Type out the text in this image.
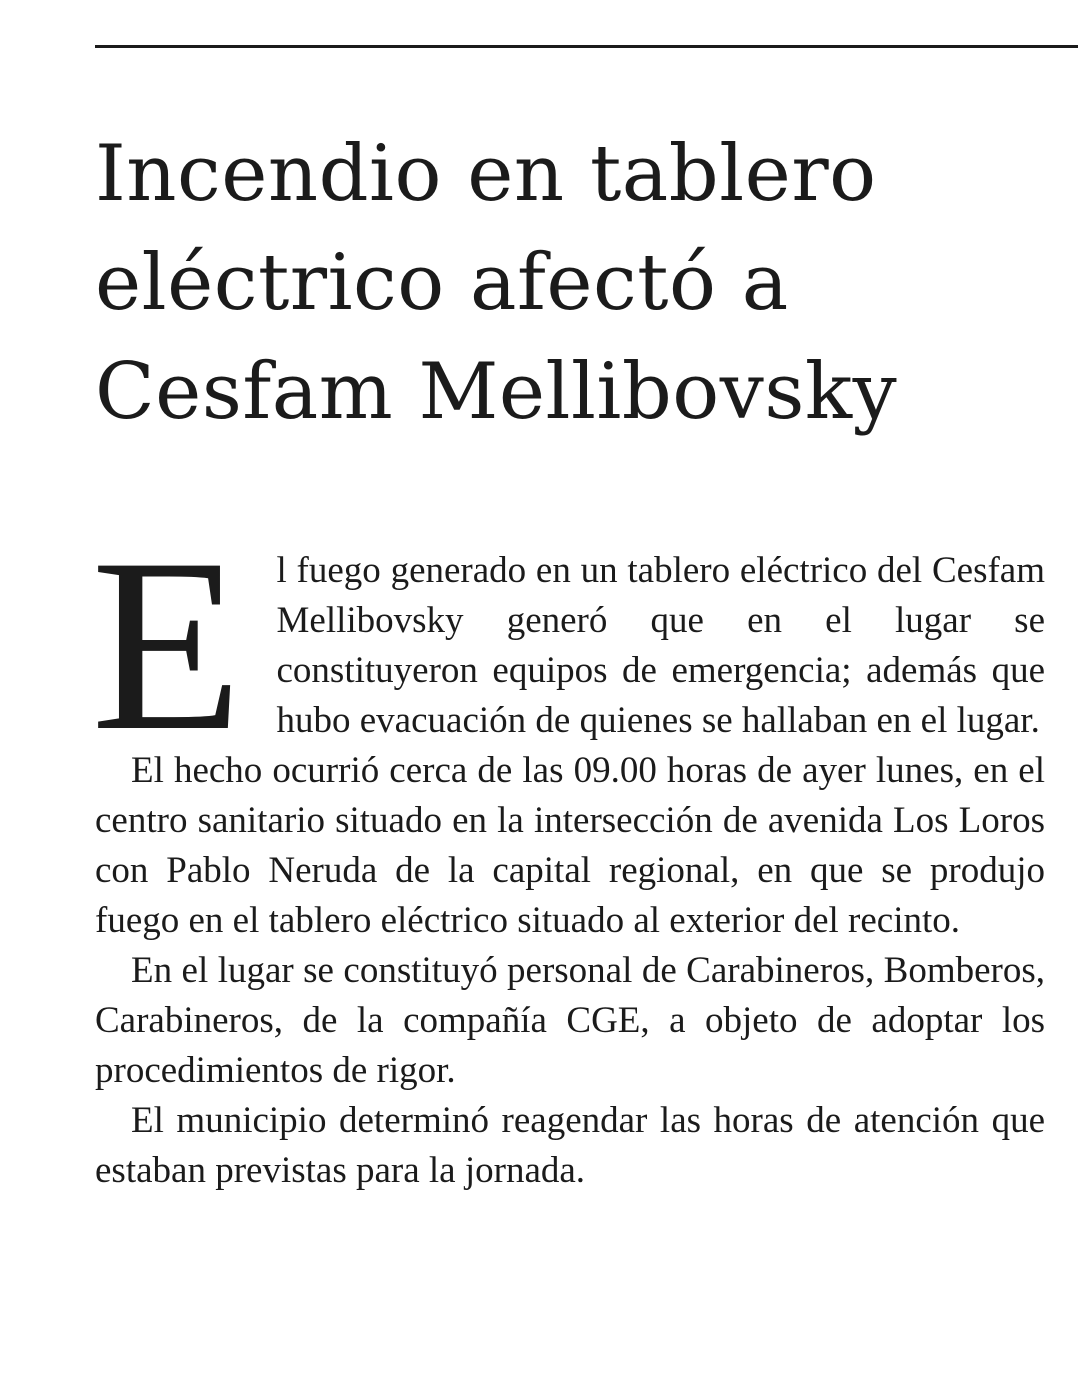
Incendio en tablero
eléctrico afectó a
Cesfam Mellibovsky

El fuego generado en un tablero eléctrico del Cesfam Mellibovsky generó que en el lugar se constituyeron equipos de emergencia; además que hubo evacuación de quienes se hallaban en el lugar.

El hecho ocurrió cerca de las 09.00 horas de ayer lunes, en el centro sanitario situado en la intersección de avenida Los Loros con Pablo Neruda de la capital regional, en que se produjo fuego en el tablero eléctrico situado al exterior del recinto.

En el lugar se constituyó personal de Carabineros, Bomberos, Carabineros, de la compañía CGE, a objeto de adoptar los procedimientos de rigor.

El municipio determinó reagendar las horas de atención que estaban previstas para la jornada.
